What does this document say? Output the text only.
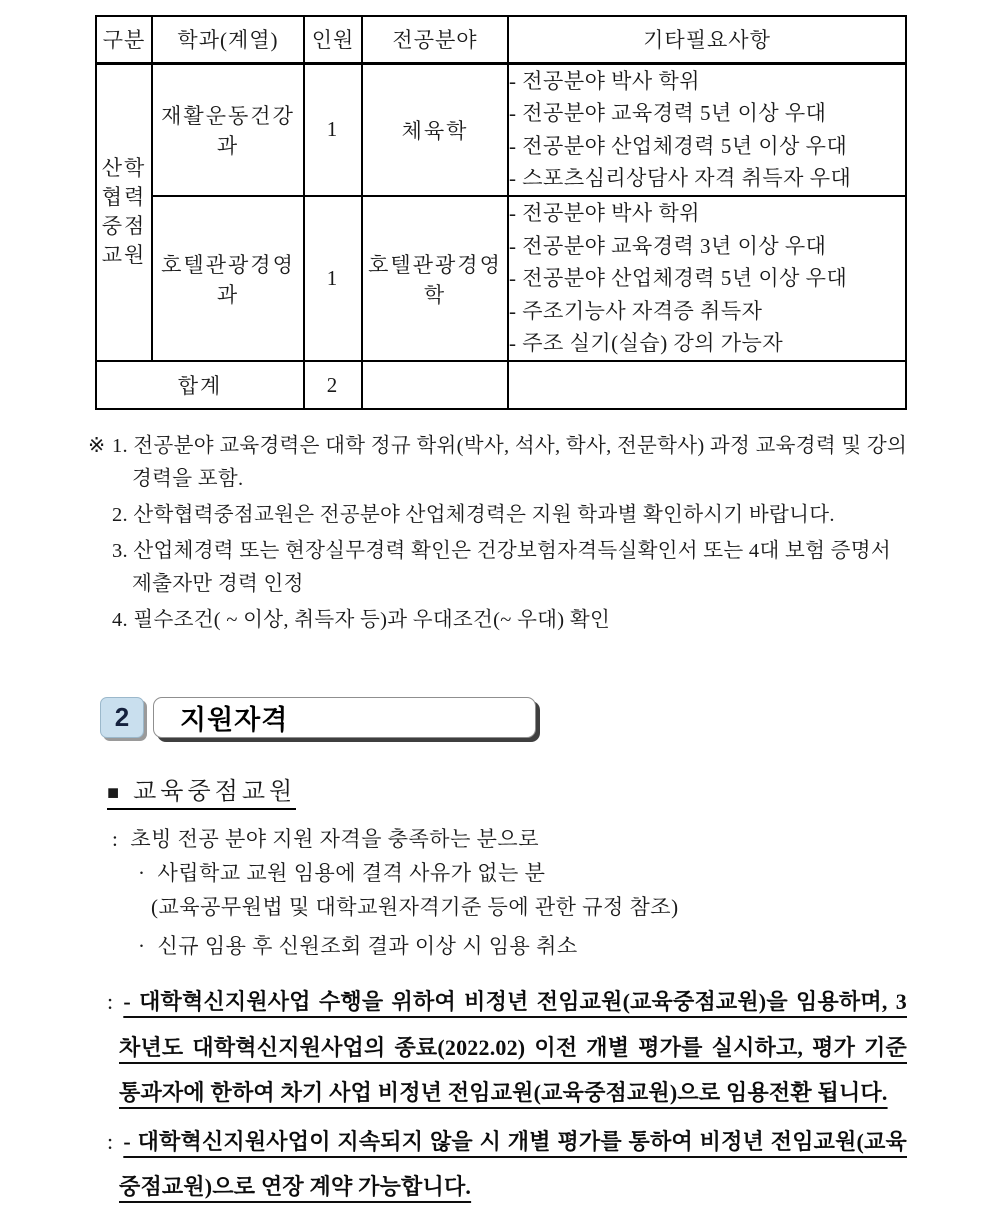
구분	학과(계열)	인원	전공분야	기타필요사항

산학협력중점교원	재활운동건강과	1	체육학	- 전공분야 박사 학위
- 전공분야 교육경력 5년 이상 우대
- 전공분야 산업체경력 5년 이상 우대
- 스포츠심리상담사 자격 취득자 우대

	호텔관광경영과	1	호텔관광경영학	- 전공분야 박사 학위
- 전공분야 교육경력 3년 이상 우대
- 전공분야 산업체경력 5년 이상 우대
- 주조기능사 자격증 취득자
- 주조 실기(실습) 강의 가능자

합계		2		
※ 1. 전공분야 교육경력은 대학 정규 학위(박사, 석사, 학사, 전문학사) 과정 교육경력 및 강의 경력을 포함.
2. 산학협력중점교원은 전공분야 산업체경력은 지원 학과별 확인하시기 바랍니다.
3. 산업체경력 또는 현장실무경력 확인은 건강보험자격득실확인서 또는 4대 보험 증명서 제출자만 경력 인정
4. 필수조건( ~ 이상, 취득자 등)과 우대조건(~ 우대) 확인
2	지원자격
■ 교육중점교원
: 초빙 전공 분야 지원 자격을 충족하는 분으로
· 사립학교 교원 임용에 결격 사유가 없는 분
(교육공무원법 및 대학교원자격기준 등에 관한 규정 참조)
· 신규 임용 후 신원조회 결과 이상 시 임용 취소
: - 대학혁신지원사업 수행을 위하여 비정년 전임교원(교육중점교원)을 임용하며, 3차년도 대학혁신지원사업의 종료(2022.02) 이전 개별 평가를 실시하고, 평가 기준 통과자에 한하여 차기 사업 비정년 전임교원(교육중점교원)으로 임용전환 됩니다.
: - 대학혁신지원사업이 지속되지 않을 시 개별 평가를 통하여 비정년 전임교원(교육중점교원)으로 연장 계약 가능합니다.
